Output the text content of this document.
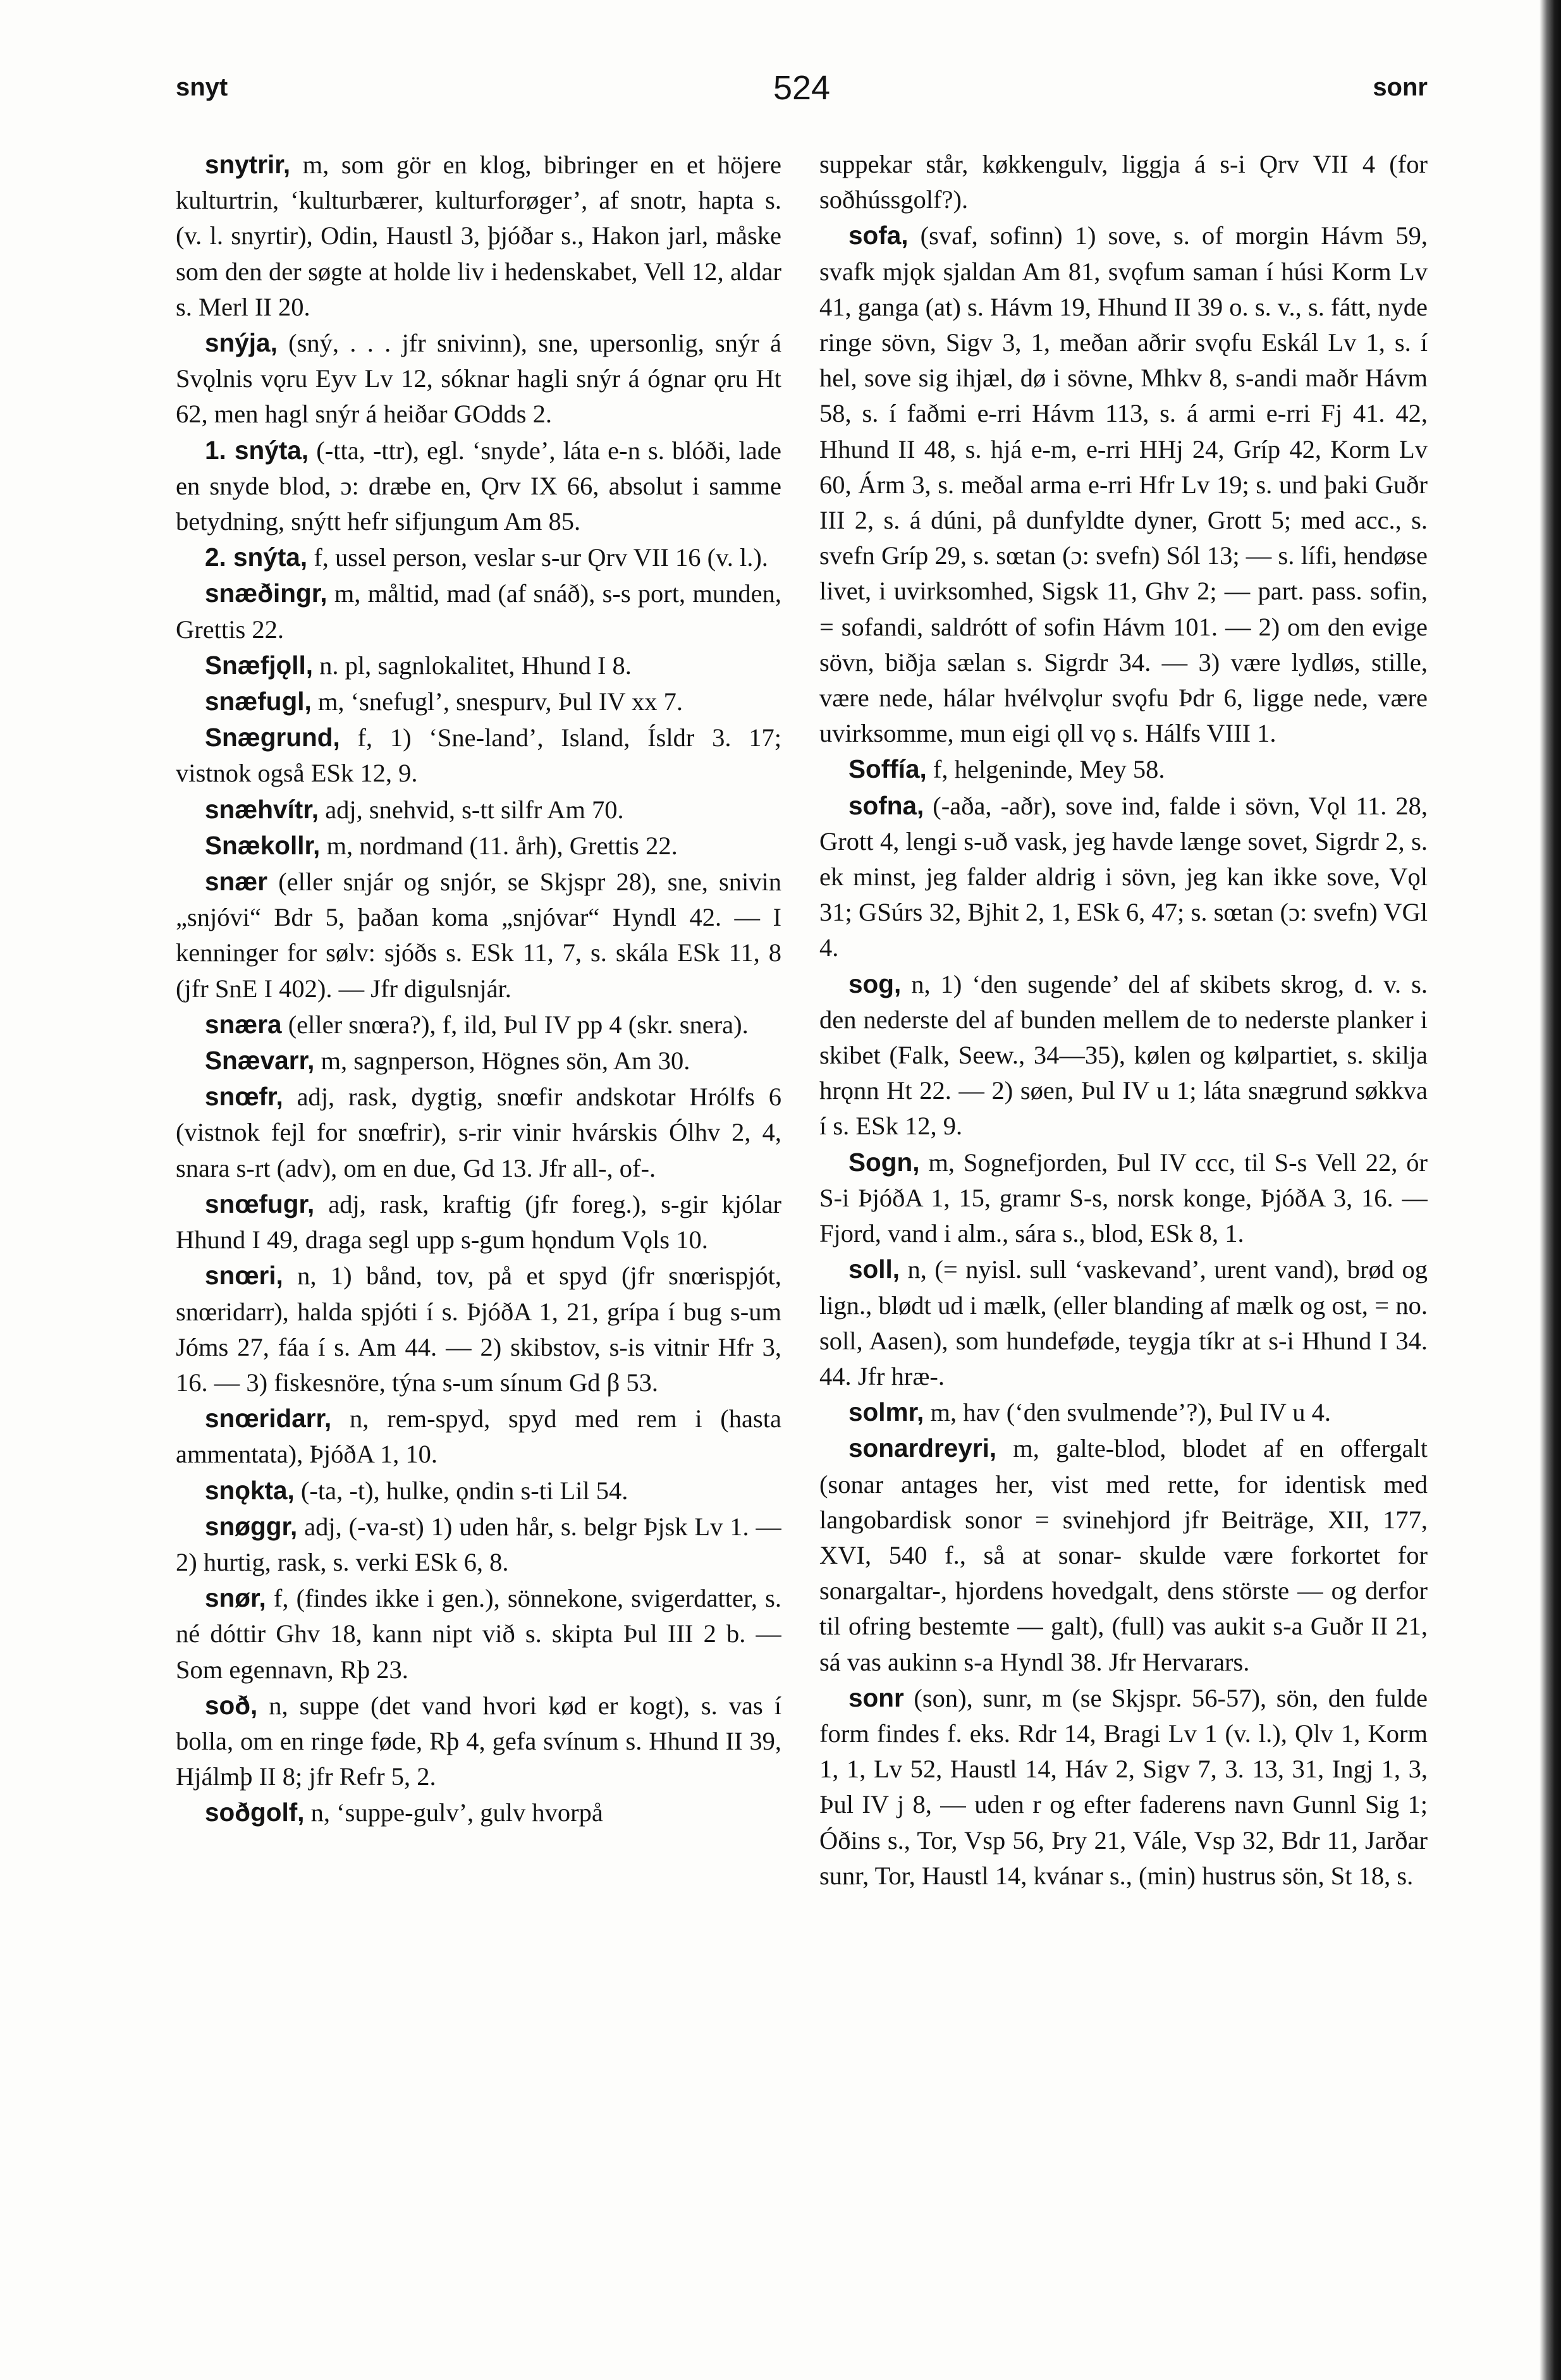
snyt	524	sonr

snytrir, m, som gör en klog, bibringer en et höjere kulturtrin, ‘kulturbærer, kulturforøger’, af snotr, hapta s. (v. l. snyrtir), Odin, Haustl 3, þjóðar s., Hakon jarl, måske som den der søgte at holde liv i hedenskabet, Vell 12, aldar s. Merl II 20.

snýja, (sný, . . . jfr snivinn), sne, upersonlig, snýr á Svǫlnis vǫru Eyv Lv 12, sóknar hagli snýr á ógnar ǫru Ht 62, men hagl snýr á heiðar GOdds 2.

1. snýta, (-tta, -ttr), egl. ‘snyde’, láta e-n s. blóði, lade en snyde blod, ɔ: dræbe en, Ǫrv IX 66, absolut i samme betydning, snýtt hefr sifjungum Am 85.

2. snýta, f, ussel person, veslar s-ur Ǫrv VII 16 (v. l.).

snæðingr, m, måltid, mad (af snáð), s-s port, munden, Grettis 22.

Snæfjǫll, n. pl, sagnlokalitet, Hhund I 8.

snæfugl, m, ‘snefugl’, snespurv, Þul IV xx 7.

Snægrund, f, 1) ‘Sne-land’, Island, Ísldr 3. 17; vistnok også ESk 12, 9.

snæhvítr, adj, snehvid, s-tt silfr Am 70.

Snækollr, m, nordmand (11. årh), Grettis 22.

snær (eller snjár og snjór, se Skjspr 28), sne, snivin „snjóvi“ Bdr 5, þaðan koma „snjóvar“ Hyndl 42. — I kenninger for sølv: sjóðs s. ESk 11, 7, s. skála ESk 11, 8 (jfr SnE I 402). — Jfr digulsnjár.

snæra (eller snœra?), f, ild, Þul IV pp 4 (skr. snera).

Snævarr, m, sagnperson, Högnes sön, Am 30.

snœfr, adj, rask, dygtig, snœfir andskotar Hrólfs 6 (vistnok fejl for snœfrir), s-rir vinir hvárskis Ólhv 2, 4, snara s-rt (adv), om en due, Gd 13. Jfr all-, of-.

snœfugr, adj, rask, kraftig (jfr foreg.), s-gir kjólar Hhund I 49, draga segl upp s-gum hǫndum Vǫls 10.

snœri, n, 1) bånd, tov, på et spyd (jfr snœrispjót, snœridarr), halda spjóti í s. ÞjóðA 1, 21, grípa í bug s-um Jóms 27, fáa í s. Am 44. — 2) skibstov, s-is vitnir Hfr 3, 16. — 3) fiskesnöre, týna s-um sínum Gd β 53.

snœridarr, n, rem-spyd, spyd med rem i (hasta ammentata), ÞjóðA 1, 10.

snǫkta, (-ta, -t), hulke, ǫndin s-ti Lil 54.

snøggr, adj, (-va-st) 1) uden hår, s. belgr Þjsk Lv 1. — 2) hurtig, rask, s. verki ESk 6, 8.

snør, f, (findes ikke i gen.), sönnekone, svigerdatter, s. né dóttir Ghv 18, kann nipt við s. skipta Þul III 2 b. — Som egennavn, Rþ 23.

soð, n, suppe (det vand hvori kød er kogt), s. vas í bolla, om en ringe føde, Rþ 4, gefa svínum s. Hhund II 39, Hjálmþ II 8; jfr Refr 5, 2.

soðgolf, n, ‘suppe-gulv’, gulv hvorpå

suppekar står, køkkengulv, liggja á s-i Ǫrv VII 4 (for soðhússgolf?).

sofa, (svaf, sofinn) 1) sove, s. of morgin Hávm 59, svafk mjǫk sjaldan Am 81, svǫfum saman í húsi Korm Lv 41, ganga (at) s. Hávm 19, Hhund II 39 o. s. v., s. fátt, nyde ringe sövn, Sigv 3, 1, meðan aðrir svǫfu Eskál Lv 1, s. í hel, sove sig ihjæl, dø i sövne, Mhkv 8, s-andi maðr Hávm 58, s. í faðmi e-rri Hávm 113, s. á armi e-rri Fj 41. 42, Hhund II 48, s. hjá e-m, e-rri HHj 24, Gríp 42, Korm Lv 60, Árm 3, s. meðal arma e-rri Hfr Lv 19; s. und þaki Guðr III 2, s. á dúni, på dunfyldte dyner, Grott 5; med acc., s. svefn Gríp 29, s. sœtan (ɔ: svefn) Sól 13; — s. lífi, hendøse livet, i uvirksomhed, Sigsk 11, Ghv 2; — part. pass. sofin, = sofandi, saldrótt of sofin Hávm 101. — 2) om den evige sövn, biðja sælan s. Sigrdr 34. — 3) være lydløs, stille, være nede, hálar hvélvǫlur svǫfu Þdr 6, ligge nede, være uvirksomme, mun eigi ǫll vǫ s. Hálfs VIII 1.

Soffía, f, helgeninde, Mey 58.

sofna, (-aða, -aðr), sove ind, falde i sövn, Vǫl 11. 28, Grott 4, lengi s-uð vask, jeg havde længe sovet, Sigrdr 2, s. ek minst, jeg falder aldrig i sövn, jeg kan ikke sove, Vǫl 31; GSúrs 32, Bjhit 2, 1, ESk 6, 47; s. sœtan (ɔ: svefn) VGl 4.

sog, n, 1) ‘den sugende’ del af skibets skrog, d. v. s. den nederste del af bunden mellem de to nederste planker i skibet (Falk, Seew., 34—35), kølen og kølpartiet, s. skilja hrǫnn Ht 22. — 2) søen, Þul IV u 1; láta snægrund søkkva í s. ESk 12, 9.

Sogn, m, Sognefjorden, Þul IV ccc, til S-s Vell 22, ór S-i ÞjóðA 1, 15, gramr S-s, norsk konge, ÞjóðA 3, 16. — Fjord, vand i alm., sára s., blod, ESk 8, 1.

soll, n, (= nyisl. sull ‘vaskevand’, urent vand), brød og lign., blødt ud i mælk, (eller blanding af mælk og ost, = no. soll, Aasen), som hundeføde, teygja tíkr at s-i Hhund I 34. 44. Jfr hræ-.

solmr, m, hav (‘den svulmende’?), Þul IV u 4.

sonardreyri, m, galte-blod, blodet af en offergalt (sonar antages her, vist med rette, for identisk med langobardisk sonor = svinehjord jfr Beiträge, XII, 177, XVI, 540 f., så at sonar- skulde være forkortet for sonargaltar-, hjordens hovedgalt, dens störste — og derfor til ofring bestemte — galt), (full) vas aukit s-a Guðr II 21, sá vas aukinn s-a Hyndl 38. Jfr Hervarars.

sonr (son), sunr, m (se Skjspr. 56-57), sön, den fulde form findes f. eks. Rdr 14, Bragi Lv 1 (v. l.), Ǫlv 1, Korm 1, 1, Lv 52, Haustl 14, Háv 2, Sigv 7, 3. 13, 31, Ingj 1, 3, Þul IV j 8, — uden r og efter faderens navn Gunnl Sig 1; Óðins s., Tor, Vsp 56, Þry 21, Vále, Vsp 32, Bdr 11, Jarðar sunr, Tor, Haustl 14, kvánar s., (min) hustrus sön, St 18, s.
